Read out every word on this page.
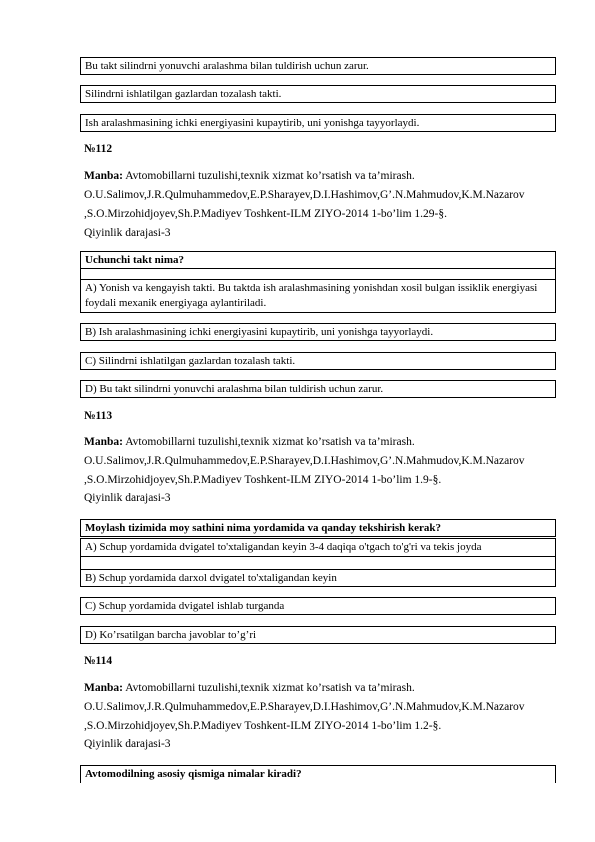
Bu takt silindrni yonuvchi aralashma bilan tuldirish uchun zarur.
Silindrni ishlatilgan gazlardan tozalash takti.
Ish aralashmasining ichki energiyasini kupaytirib, uni yonishga tayyorlaydi.
№112
Manba: Avtomobillarni tuzulishi,texnik xizmat ko’rsatish va ta’mirash.
O.U.Salimov,J.R.Qulmuhammedov,E.P.Sharayev,D.I.Hashimov,G’.N.Mahmudov,K.M.Nazarov
,S.O.Mirzohidjoyev,Sh.P.Madiyev Toshkent-ILM ZIYO-2014 1-bo’lim 1.29-§.
Qiyinlik darajasi-3
Uchunchi takt nima?
A) Yonish va kengayish takti. Bu taktda ish aralashmasining yonishdan xosil bulgan issiklik energiyasi foydali mexanik energiyaga aylantiriladi.
B) Ish aralashmasining ichki energiyasini kupaytirib, uni yonishga tayyorlaydi.
C) Silindrni ishlatilgan gazlardan tozalash takti.
D) Bu takt silindrni yonuvchi aralashma bilan tuldirish uchun zarur.
№113
Manba: Avtomobillarni tuzulishi,texnik xizmat ko’rsatish va ta’mirash.
O.U.Salimov,J.R.Qulmuhammedov,E.P.Sharayev,D.I.Hashimov,G’.N.Mahmudov,K.M.Nazarov
,S.O.Mirzohidjoyev,Sh.P.Madiyev Toshkent-ILM ZIYO-2014 1-bo’lim 1.9-§.
Qiyinlik darajasi-3
Moylash tizimida moy sathini nima yordamida va qanday tekshirish kerak?
A) Schup yordamida dvigatel to'xtaligandan keyin 3-4 daqiqa o'tgach to'g'ri va tekis joyda
B) Schup yordamida darxol dvigatel to'xtaligandan keyin
C) Schup yordamida dvigatel ishlab turganda
D) Ko’rsatilgan barcha javoblar to’g’ri
№114
Manba: Avtomobillarni tuzulishi,texnik xizmat ko’rsatish va ta’mirash.
O.U.Salimov,J.R.Qulmuhammedov,E.P.Sharayev,D.I.Hashimov,G’.N.Mahmudov,K.M.Nazarov
,S.O.Mirzohidjoyev,Sh.P.Madiyev Toshkent-ILM ZIYO-2014 1-bo’lim 1.2-§.
Qiyinlik darajasi-3
Avtomodilning asosiy qismiga nimalar kiradi?
